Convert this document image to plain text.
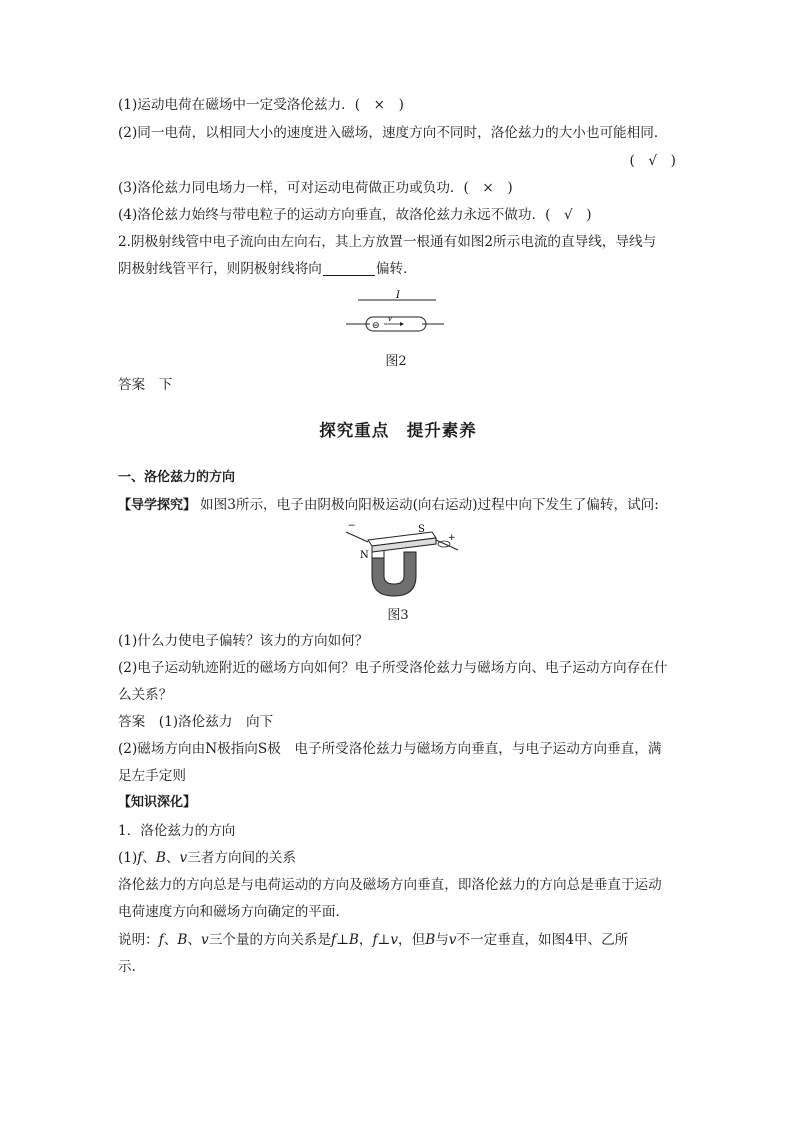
(1)运动电荷在磁场中一定受洛伦兹力．(　×　)
(2)同一电荷，以相同大小的速度进入磁场，速度方向不同时，洛伦兹力的大小也可能相同．
(　√　)
(3)洛伦兹力同电场力一样，可对运动电荷做正功或负功．(　×　)
(4)洛伦兹力始终与带电粒子的运动方向垂直，故洛伦兹力永远不做功．(　√　)
2.阴极射线管中电子流向由左向右，其上方放置一根通有如图2所示电流的直导线，导线与
阴极射线管平行，则阴极射线将向	偏转．
I
⊖
v
图2
答案　下
探究重点　提升素养
一、洛伦兹力的方向
【导学探究】 如图3所示，电子由阴极向阳极运动(向右运动)过程中向下发生了偏转，试问:
−
+
S
N
图3
(1)什么力使电子偏转？该力的方向如何？
(2)电子运动轨迹附近的磁场方向如何？电子所受洛伦兹力与磁场方向、电子运动方向存在什
么关系？
答案　(1)洛伦兹力　向下
(2)磁场方向由N极指向S极　电子所受洛伦兹力与磁场方向垂直，与电子运动方向垂直，满
足左手定则
【知识深化】
1．洛伦兹力的方向
(1)f、B、v三者方向间的关系
洛伦兹力的方向总是与电荷运动的方向及磁场方向垂直，即洛伦兹力的方向总是垂直于运动
电荷速度方向和磁场方向确定的平面．
说明：f、B、v三个量的方向关系是f⊥B，f⊥v，但B与v不一定垂直，如图4甲、乙所
示．
